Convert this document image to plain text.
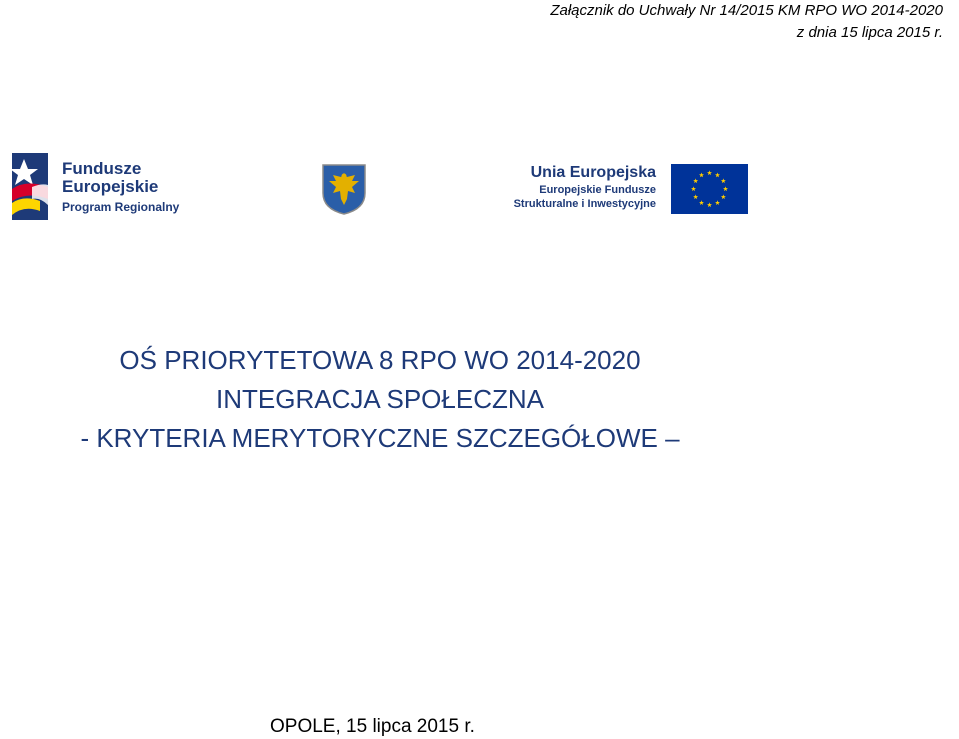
Załącznik do Uchwały Nr 14/2015 KM RPO WO 2014-2020
z dnia 15 lipca 2015 r.
Fundusze
Europejskie
Program Regionalny
Unia Europejska
Europejskie Fundusze
Strukturalne i Inwestycyjne
OŚ PRIORYTETOWA 8 RPO WO 2014-2020
INTEGRACJA SPOŁECZNA
- KRYTERIA MERYTORYCZNE SZCZEGÓŁOWE –
OPOLE, 15 lipca 2015 r.
